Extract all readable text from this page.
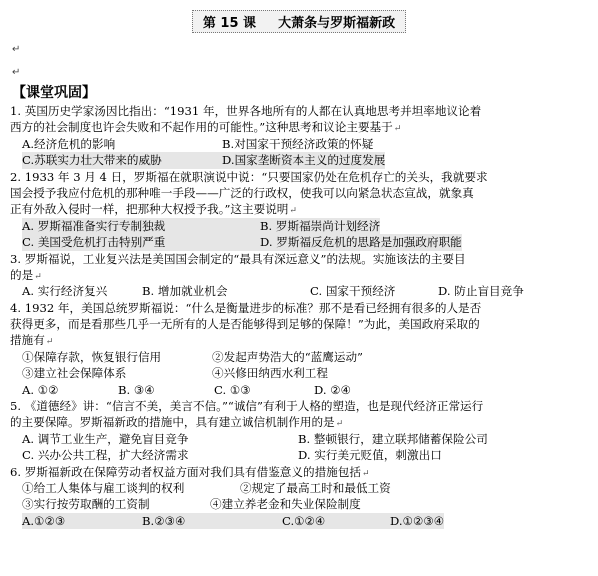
↵
↵
第 15 课 大萧条与罗斯福新政
【课堂巩固】
1. 英国历史学家汤因比指出：“1931 年，世界各地所有的人都在认真地思考并坦率地议论着
西方的社会制度也许会失败和不起作用的可能性。”这种思考和议论主要基于↵
A.经济危机的影响	B.对国家干预经济政策的怀疑
C.苏联实力壮大带来的威胁	D.国家垄断资本主义的过度发展
2. 1933 年 3 月 4 日，罗斯福在就职演说中说：“只要国家仍处在危机存亡的关头，我就要求
国会授予我应付危机的那种唯一手段——广泛的行政权，使我可以向紧急状态宣战，就象真
正有外敌入侵时一样，把那种大权授予我。”这主要说明↵
A. 罗斯福准备实行专制独裁	B. 罗斯福崇尚计划经济
C. 美国受危机打击特别严重	D. 罗斯福反危机的思路是加强政府职能
3. 罗斯福说，工业复兴法是美国国会制定的“最具有深远意义”的法规。实施该法的主要目
的是↵
A. 实行经济复兴	B. 增加就业机会	C. 国家干预经济	D. 防止盲目竞争
4. 1932 年，美国总统罗斯福说：“什么是衡量进步的标准？那不是看已经拥有很多的人是否
获得更多，而是看那些几乎一无所有的人是否能够得到足够的保障！”为此，美国政府采取的
措施有↵
①保障存款，恢复银行信用	②发起声势浩大的“蓝鹰运动”
③建立社会保障体系	④兴修田纳西水利工程
A. ①②	B. ③④	C. ①③	D. ②④
5. 《道德经》讲：“信言不美，美言不信。”“诚信”有利于人格的塑造，也是现代经济正常运行
的主要保障。罗斯福新政的措施中，具有建立诚信机制作用的是↵
A. 调节工业生产，避免盲目竞争	B. 整顿银行，建立联邦储蓄保险公司
C. 兴办公共工程，扩大经济需求	D. 实行美元贬值，刺激出口
6. 罗斯福新政在保障劳动者权益方面对我们具有借鉴意义的措施包括↵
①给工人集体与雇工谈判的权利	②规定了最高工时和最低工资
③实行按劳取酬的工资制	④建立养老金和失业保险制度
A.①②③	B.②③④	C.①②④	D.①②③④
